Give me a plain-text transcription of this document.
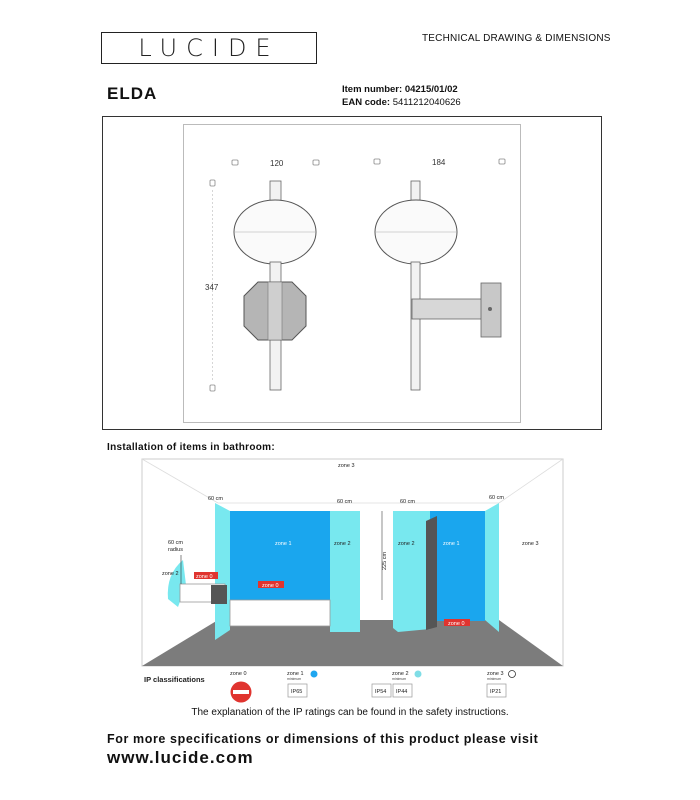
LUCIDE	TECHNICAL DRAWING & DIMENSIONS
ELDA	Item number: 04215/01/02
EAN code: 5411212040626
120	184
347
Installation of items in bathroom:
zone 3
60 cm	60 cm	60 cm
60 cm
60 cm
radius
zone 1	zone 2	zone 2	zone 1	zone 3
zone 2	zone 0
zone 0
zone 0
225 cm
IP classifications
zone 0	zone 1
minimum
zone 2
minimum
zone 3
minimum
IP65	IP54 IP44	IP21
The explanation of the IP ratings can be found in the safety instructions.
For more specifications or dimensions of this product please visit
www.lucide.com
